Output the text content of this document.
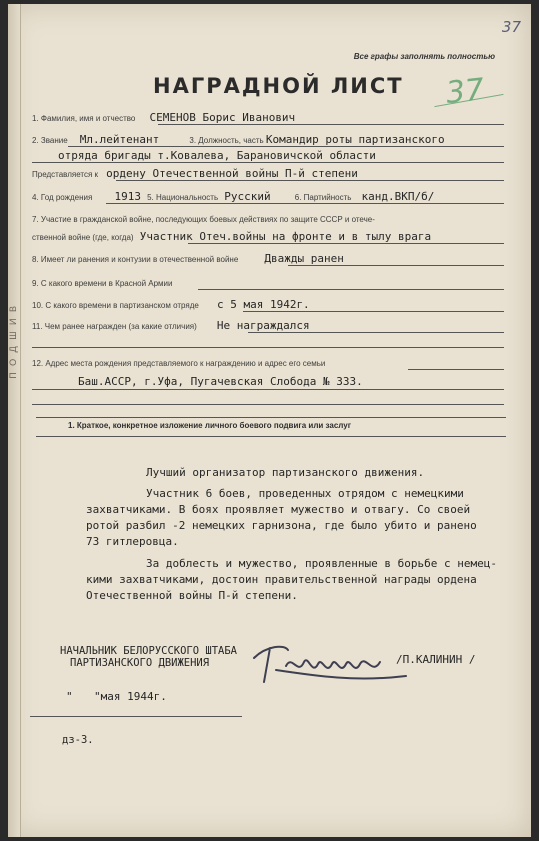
П О Д Ш И В
37
Все графы заполнять полностью
НАГРАДНОЙ ЛИСТ 37
1. Фамилия, имя и отчество СЕМЕНОВ Борис Иванович
2. Звание Мл.лейтенант	3. Должность, часть Командир роты партизанского
отряда бригады т.Ковалева, Барановичской области
Представляется к ордену Отечественной войны П-й степени
4. Год рождения 1913 5. Национальность Русский	6. Партийность канд.ВКП/б/
7. Участие в гражданской войне, последующих боевых действиях по защите СССР и отече-
ственной войне (где, когда) Участник Отеч.войны на фронте и в тылу врага
8. Имеет ли ранения и контузии в отечественной войне Дважды ранен
9. С какого времени в Красной Армии
10. С какого времени в партизанском отряде с 5 мая 1942г.
11. Чем ранее награжден (за какие отличия) Не награждался
12. Адрес места рождения представляемого к награждению и адрес его семьи
Баш.АССР, г.Уфа, Пугачевская Слобода № 333.
1. Краткое, конкретное изложение личного боевого подвига или заслуг
Лучший организатор партизанского движения.
Участник 6 боев, проведенных отрядом с немецкими
захватчиками. В боях проявляет мужество и отвагу. Со своей
ротой разбил -2 немецких гарнизона, где было убито и ранено
73 гитлеровца.
За доблесть и мужество, проявленные в борьбе с немец-
кими захватчиками, достоин правительственной награды ордена
Отечественной войны П-й степени.
НАЧАЛЬНИК БЕЛОРУССКОГО ШТАБА
ПАРТИЗАНСКОГО ДВИЖЕНИЯ	/П.КАЛИНИН /
" "мая 1944г.
дз-3.
